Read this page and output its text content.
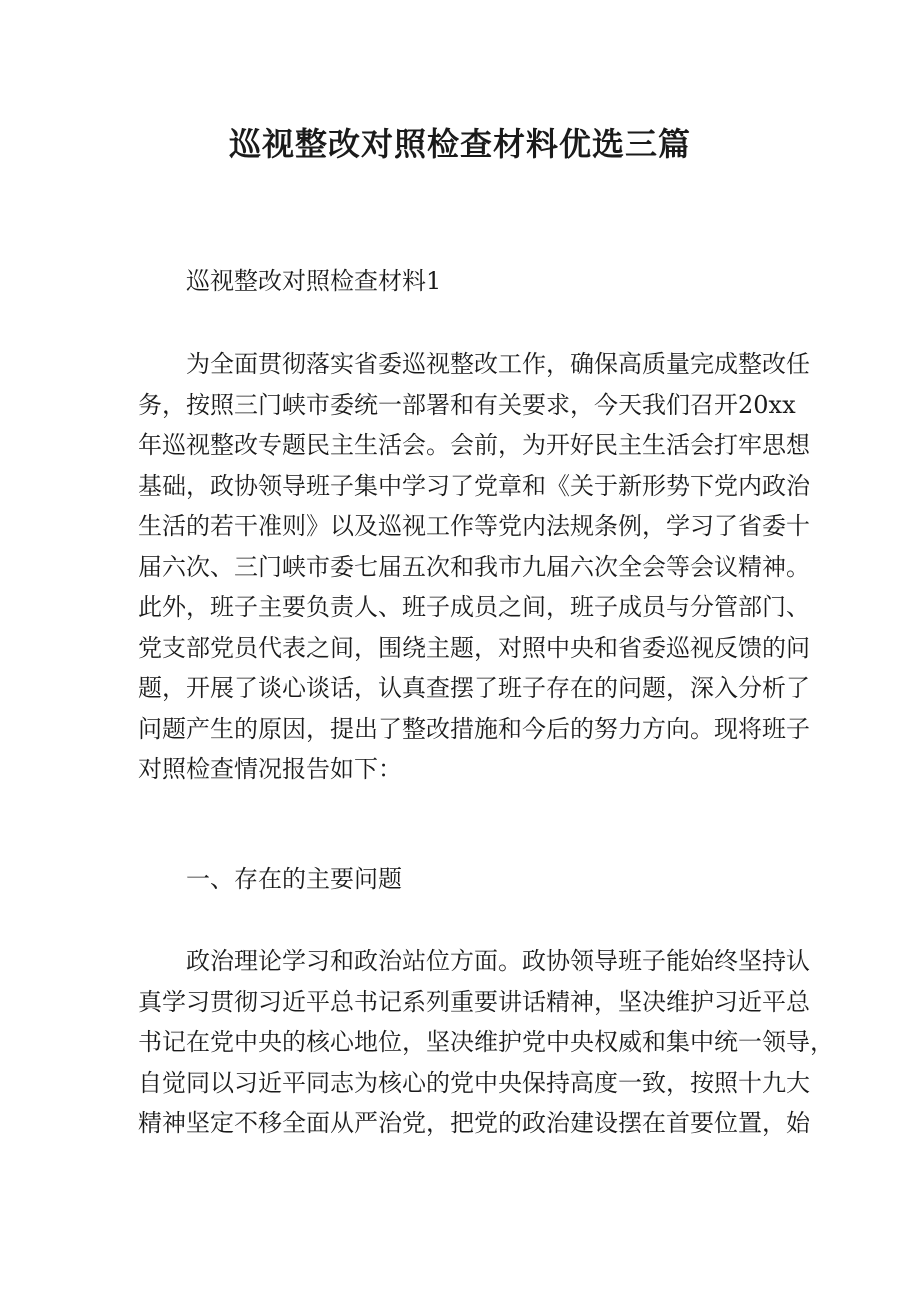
巡视整改对照检查材料优选三篇

巡视整改对照检查材料1

为全面贯彻落实省委巡视整改工作，确保高质量完成整改任
务，按照三门峡市委统一部署和有关要求，今天我们召开20xx
年巡视整改专题民主生活会。会前，为开好民主生活会打牢思想
基础，政协领导班子集中学习了党章和《关于新形势下党内政治
生活的若干准则》以及巡视工作等党内法规条例，学习了省委十
届六次、三门峡市委七届五次和我市九届六次全会等会议精神。
此外，班子主要负责人、班子成员之间，班子成员与分管部门、
党支部党员代表之间，围绕主题，对照中央和省委巡视反馈的问
题，开展了谈心谈话，认真查摆了班子存在的问题，深入分析了
问题产生的原因，提出了整改措施和今后的努力方向。现将班子
对照检查情况报告如下：

一、存在的主要问题

政治理论学习和政治站位方面。政协领导班子能始终坚持认
真学习贯彻习近平总书记系列重要讲话精神，坚决维护习近平总
书记在党中央的核心地位，坚决维护党中央权威和集中统一领导，
自觉同以习近平同志为核心的党中央保持高度一致，按照十九大
精神坚定不移全面从严治党，把党的政治建设摆在首要位置，始
